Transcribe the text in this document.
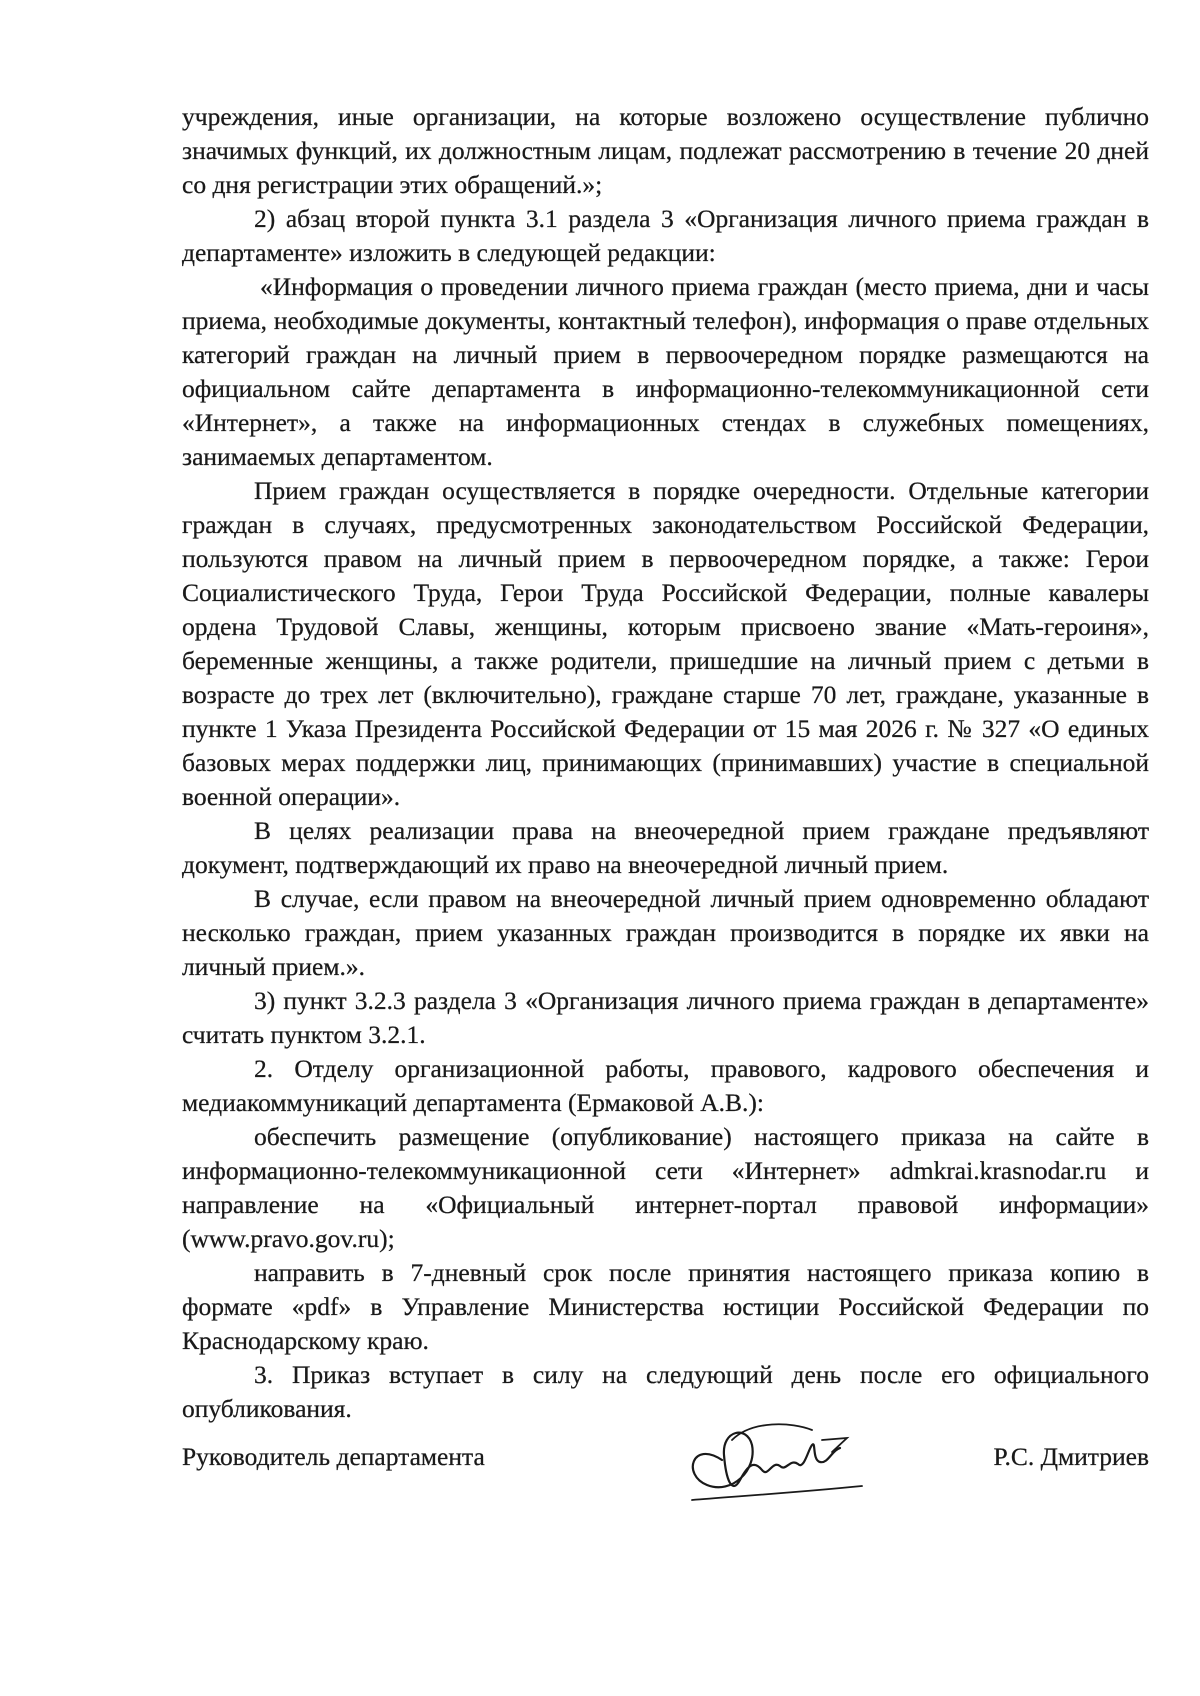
учреждения, иные организации, на которые возложено осуществление публично значимых функций, их должностным лицам, подлежат рассмотрению в течение 20 дней со дня регистрации этих обращений.»;

2) абзац второй пункта 3.1 раздела 3 «Организация личного приема граждан в департаменте» изложить в следующей редакции:

«Информация о проведении личного приема граждан (место приема, дни и часы приема, необходимые документы, контактный телефон), информация о праве отдельных категорий граждан на личный прием в первоочередном порядке размещаются на официальном сайте департамента в информационно-телекоммуникационной сети «Интернет», а также на информационных стендах в служебных помещениях, занимаемых департаментом.

Прием граждан осуществляется в порядке очередности. Отдельные категории граждан в случаях, предусмотренных законодательством Российской Федерации, пользуются правом на личный прием в первоочередном порядке, а также: Герои Социалистического Труда, Герои Труда Российской Федерации, полные кавалеры ордена Трудовой Славы, женщины, которым присвоено звание «Мать-героиня», беременные женщины, а также родители, пришедшие на личный прием с детьми в возрасте до трех лет (включительно), граждане старше 70 лет, граждане, указанные в пункте 1 Указа Президента Российской Федерации от 15 мая 2026 г. № 327 «О единых базовых мерах поддержки лиц, принимающих (принимавших) участие в специальной военной операции».

В целях реализации права на внеочередной прием граждане предъявляют документ, подтверждающий их право на внеочередной личный прием.

В случае, если правом на внеочередной личный прием одновременно обладают несколько граждан, прием указанных граждан производится в порядке их явки на личный прием.».

3) пункт 3.2.3 раздела 3 «Организация личного приема граждан в департаменте» считать пунктом 3.2.1.

2. Отделу организационной работы, правового, кадрового обеспечения и медиакоммуникаций департамента (Ермаковой А.В.):

обеспечить размещение (опубликование) настоящего приказа на сайте в информационно-телекоммуникационной сети «Интернет» admkrai.krasnodar.ru и направление на «Официальный интернет-портал правовой информации» (www.pravo.gov.ru);

направить в 7-дневный срок после принятия настоящего приказа копию в формате «pdf» в Управление Министерства юстиции Российской Федерации по Краснодарскому краю.

3. Приказ вступает в силу на следующий день после его официального опубликования.

Руководитель департамента	Р.С. Дмитриев
